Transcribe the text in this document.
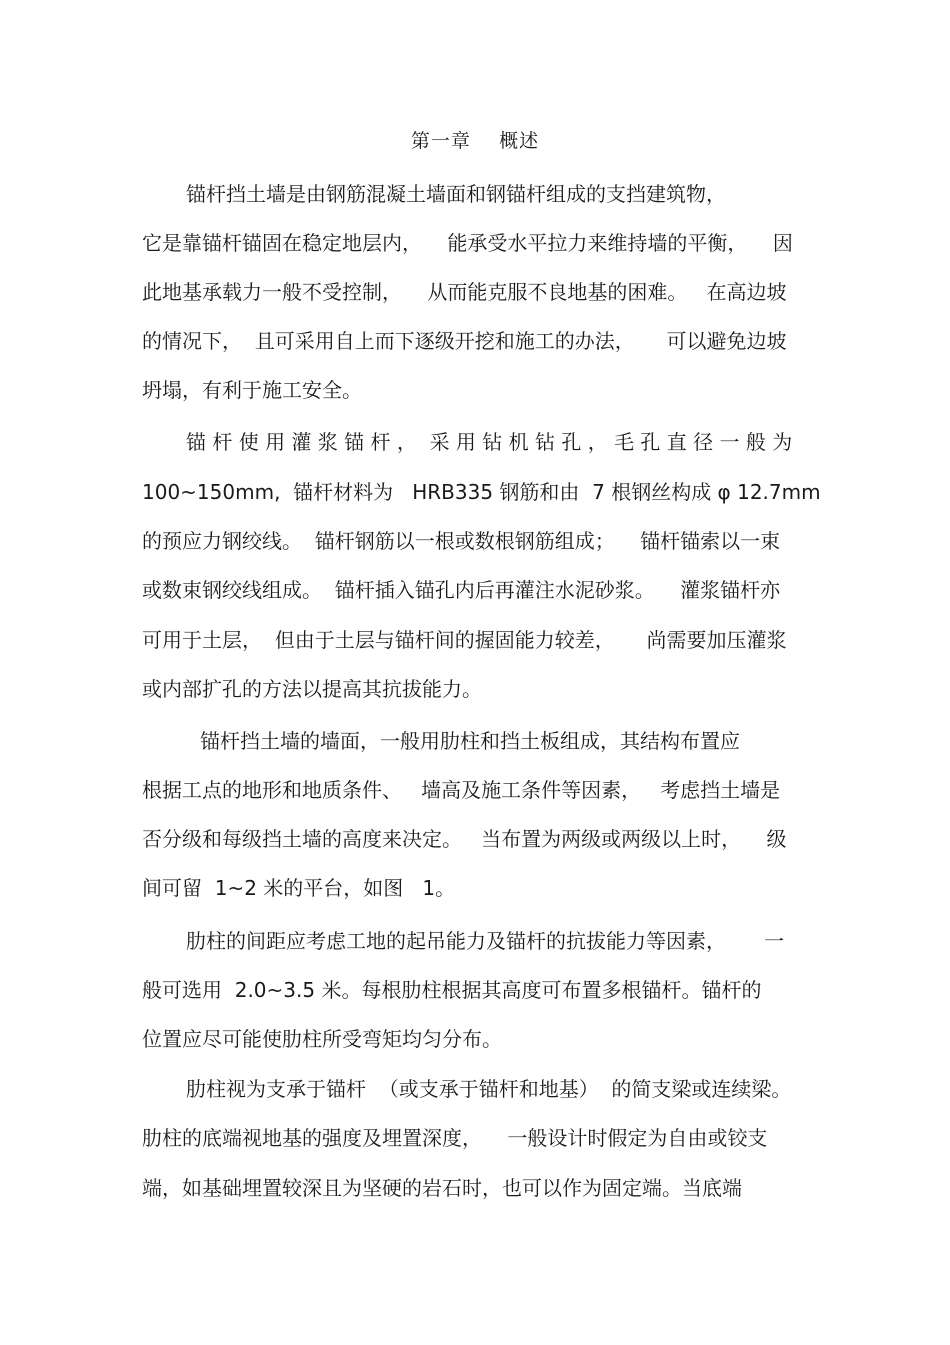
第一章    概述
锚杆挡土墙是由钢筋混凝土墙面和钢锚杆组成的支挡建筑物，
它是靠锚杆锚固在稳定地层内，    能承受水平拉力来维持墙的平衡，    因
此地基承载力一般不受控制，    从而能克服不良地基的困难。   在高边坡
的情况下，  且可采用自上而下逐级开挖和施工的办法，     可以避免边坡
坍塌，有利于施工安全。
锚 杆 使 用 灌 浆 锚 杆 ，  采 用 钻 机 钻 孔 ， 毛 孔 直 径 一 般 为
100~150mm,  锚杆材料为   HRB335 钢筋和由  7 根钢丝构成 φ 12.7mm
的预应力钢绞线。  锚杆钢筋以一根或数根钢筋组成；    锚杆锚索以一束
或数束钢绞线组成。  锚杆插入锚孔内后再灌注水泥砂浆。    灌浆锚杆亦
可用于土层，  但由于土层与锚杆间的握固能力较差，     尚需要加压灌浆
或内部扩孔的方法以提高其抗拔能力。
锚杆挡土墙的墙面，一般用肋柱和挡土板组成，其结构布置应
根据工点的地形和地质条件、   墙高及施工条件等因素，   考虑挡土墙是
否分级和每级挡土墙的高度来决定。   当布置为两级或两级以上时，    级
间可留  1~2 米的平台，如图   1。
肋柱的间距应考虑工地的起吊能力及锚杆的抗拔能力等因素，      一
般可选用  2.0~3.5 米。每根肋柱根据其高度可布置多根锚杆。锚杆的
位置应尽可能使肋柱所受弯矩均匀分布。
肋柱视为支承于锚杆  （或支承于锚杆和地基）  的简支梁或连续梁。
肋柱的底端视地基的强度及埋置深度，    一般设计时假定为自由或铰支
端，如基础埋置较深且为坚硬的岩石时，也可以作为固定端。当底端
